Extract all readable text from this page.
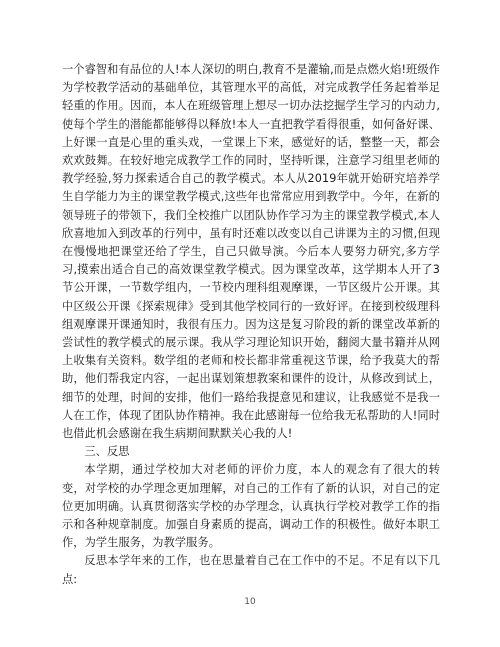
一个睿智和有品位的人!本人深切的明白,教育不是灌输,而是点燃火焰!班级作为学校教学活动的基础单位，其管理水平的高低，对完成教学任务起着举足轻重的作用。因而，本人在班级管理上想尽一切办法挖掘学生学习的内动力,使每个学生的潜能都能够得以释放!本人一直把教学看得很重，如何备好课、上好课一直是心里的重头戏，一堂课上下来，感觉好的话，整整一天，都会欢欢鼓舞。在较好地完成教学工作的同时，坚持听课，注意学习组里老师的教学经验,努力探索适合自己的教学模式。本人从2019年就开始研究培养学生自学能力为主的课堂教学模式,这些年也常常应用到教学中。今年，在新的领导班子的带领下，我们全校推广以团队协作学习为主的课堂教学模式,本人欣喜地加入到改革的行列中，虽有时还难以改变以自己讲课为主的习惯,但现在慢慢地把课堂还给了学生，自己只做导演。今后本人要努力研究,多方学习,摸索出适合自己的高效课堂教学模式。因为课堂改革，这学期本人开了3节公开课，一节数学组内，一节校内理科组观摩课，一节区级片公开课。其中区级公开课《探索规律》受到其他学校同行的一致好评。在接到校级理科组观摩课开课通知时，我很有压力。因为这是复习阶段的新的课堂改革新的尝试性的教学模式的展示课。我从学习理论知识开始，翻阅大量书籍并从网上收集有关资料。数学组的老师和校长都非常重视这节课，给予我莫大的帮助，他们帮我定内容，一起出谋划策想教案和课件的设计，从修改到试上，细节的处理，时间的安排，他们一路给我提意见和建议，让我感觉不是我一人在工作，体现了团队协作精神。我在此感谢每一位给我无私帮助的人!同时也借此机会感谢在我生病期间默默关心我的人!

三、反思

本学期，通过学校加大对老师的评价力度，本人的观念有了很大的转变，对学校的办学理念更加理解，对自己的工作有了新的认识，对自己的定位更加明确。认真贯彻落实学校的办学理念，认真执行学校对教学工作的指示和各种规章制度。加强自身素质的提高，调动工作的积极性。做好本职工作，为学生服务，为教学服务。

反思本学年来的工作，也在思量着自己在工作中的不足。不足有以下几点:

10
